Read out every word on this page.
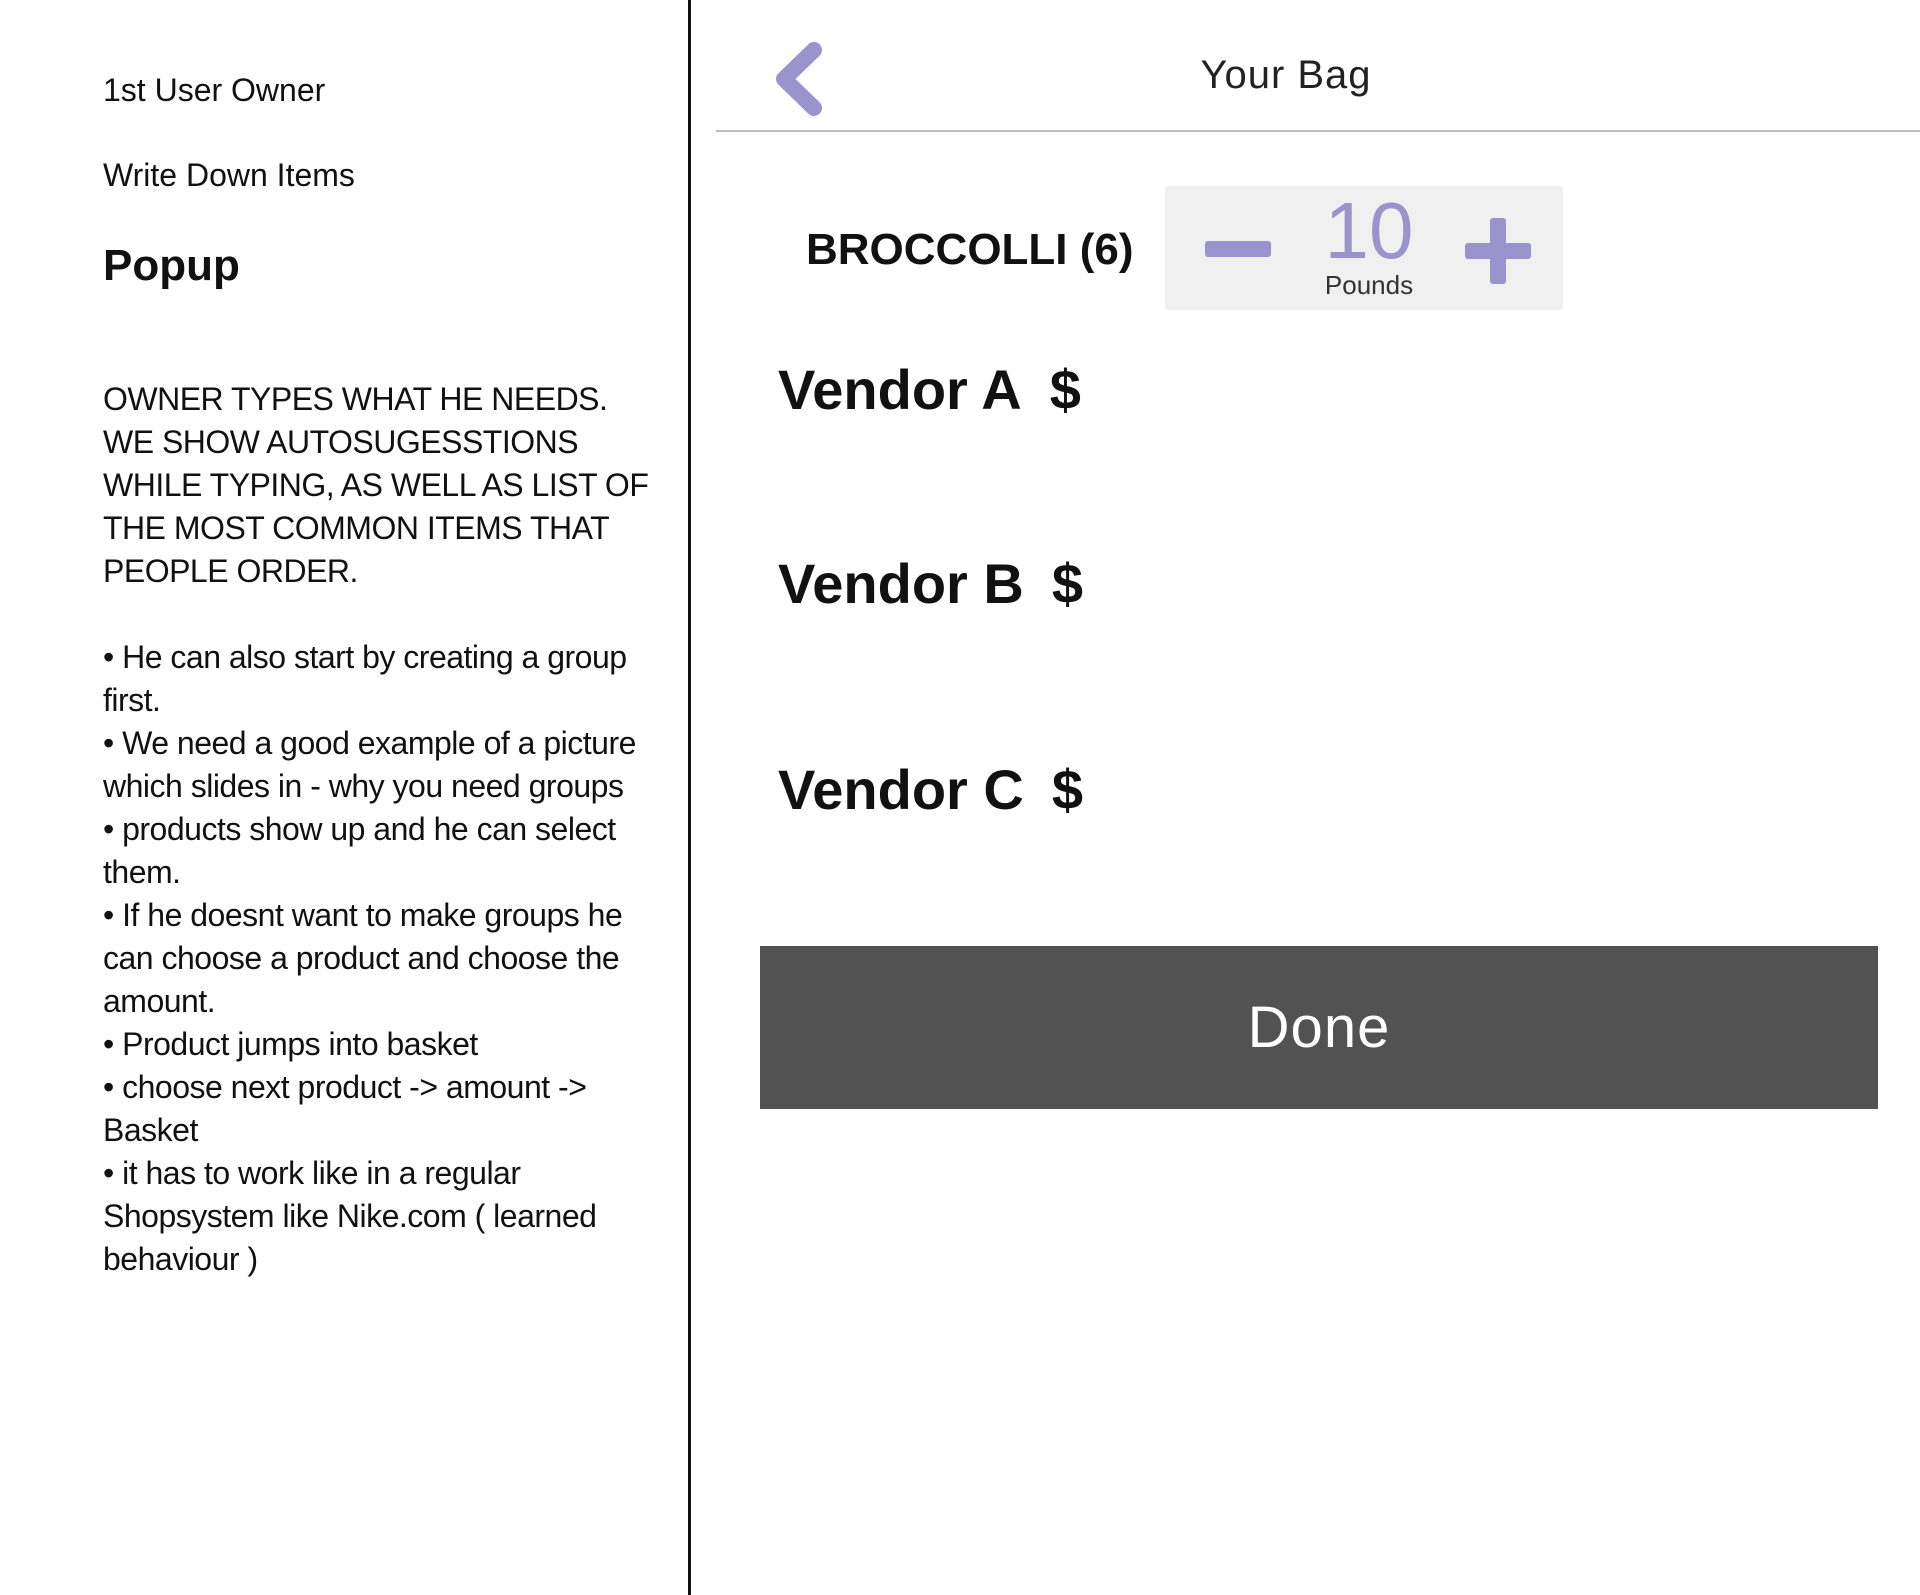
1st User Owner

Write Down Items

Popup

OWNER TYPES WHAT HE NEEDS. WE SHOW AUTOSUGESSTIONS WHILE TYPING, AS WELL AS LIST OF THE MOST COMMON ITEMS THAT PEOPLE ORDER.

• He can also start by creating a group first.
• We need a good example of a picture which slides in - why you need groups
• products show up and he can select them.
• If he doesnt want to make groups he can choose a product and choose the amount.
• Product jumps into basket
• choose next product -> amount -> Basket
• it has to work like in a regular Shopsystem like Nike.com ( learned behaviour )
Your Bag
BROCCOLLI (6)	10
Pounds
Vendor A $
Vendor B $
Vendor C $
Done
